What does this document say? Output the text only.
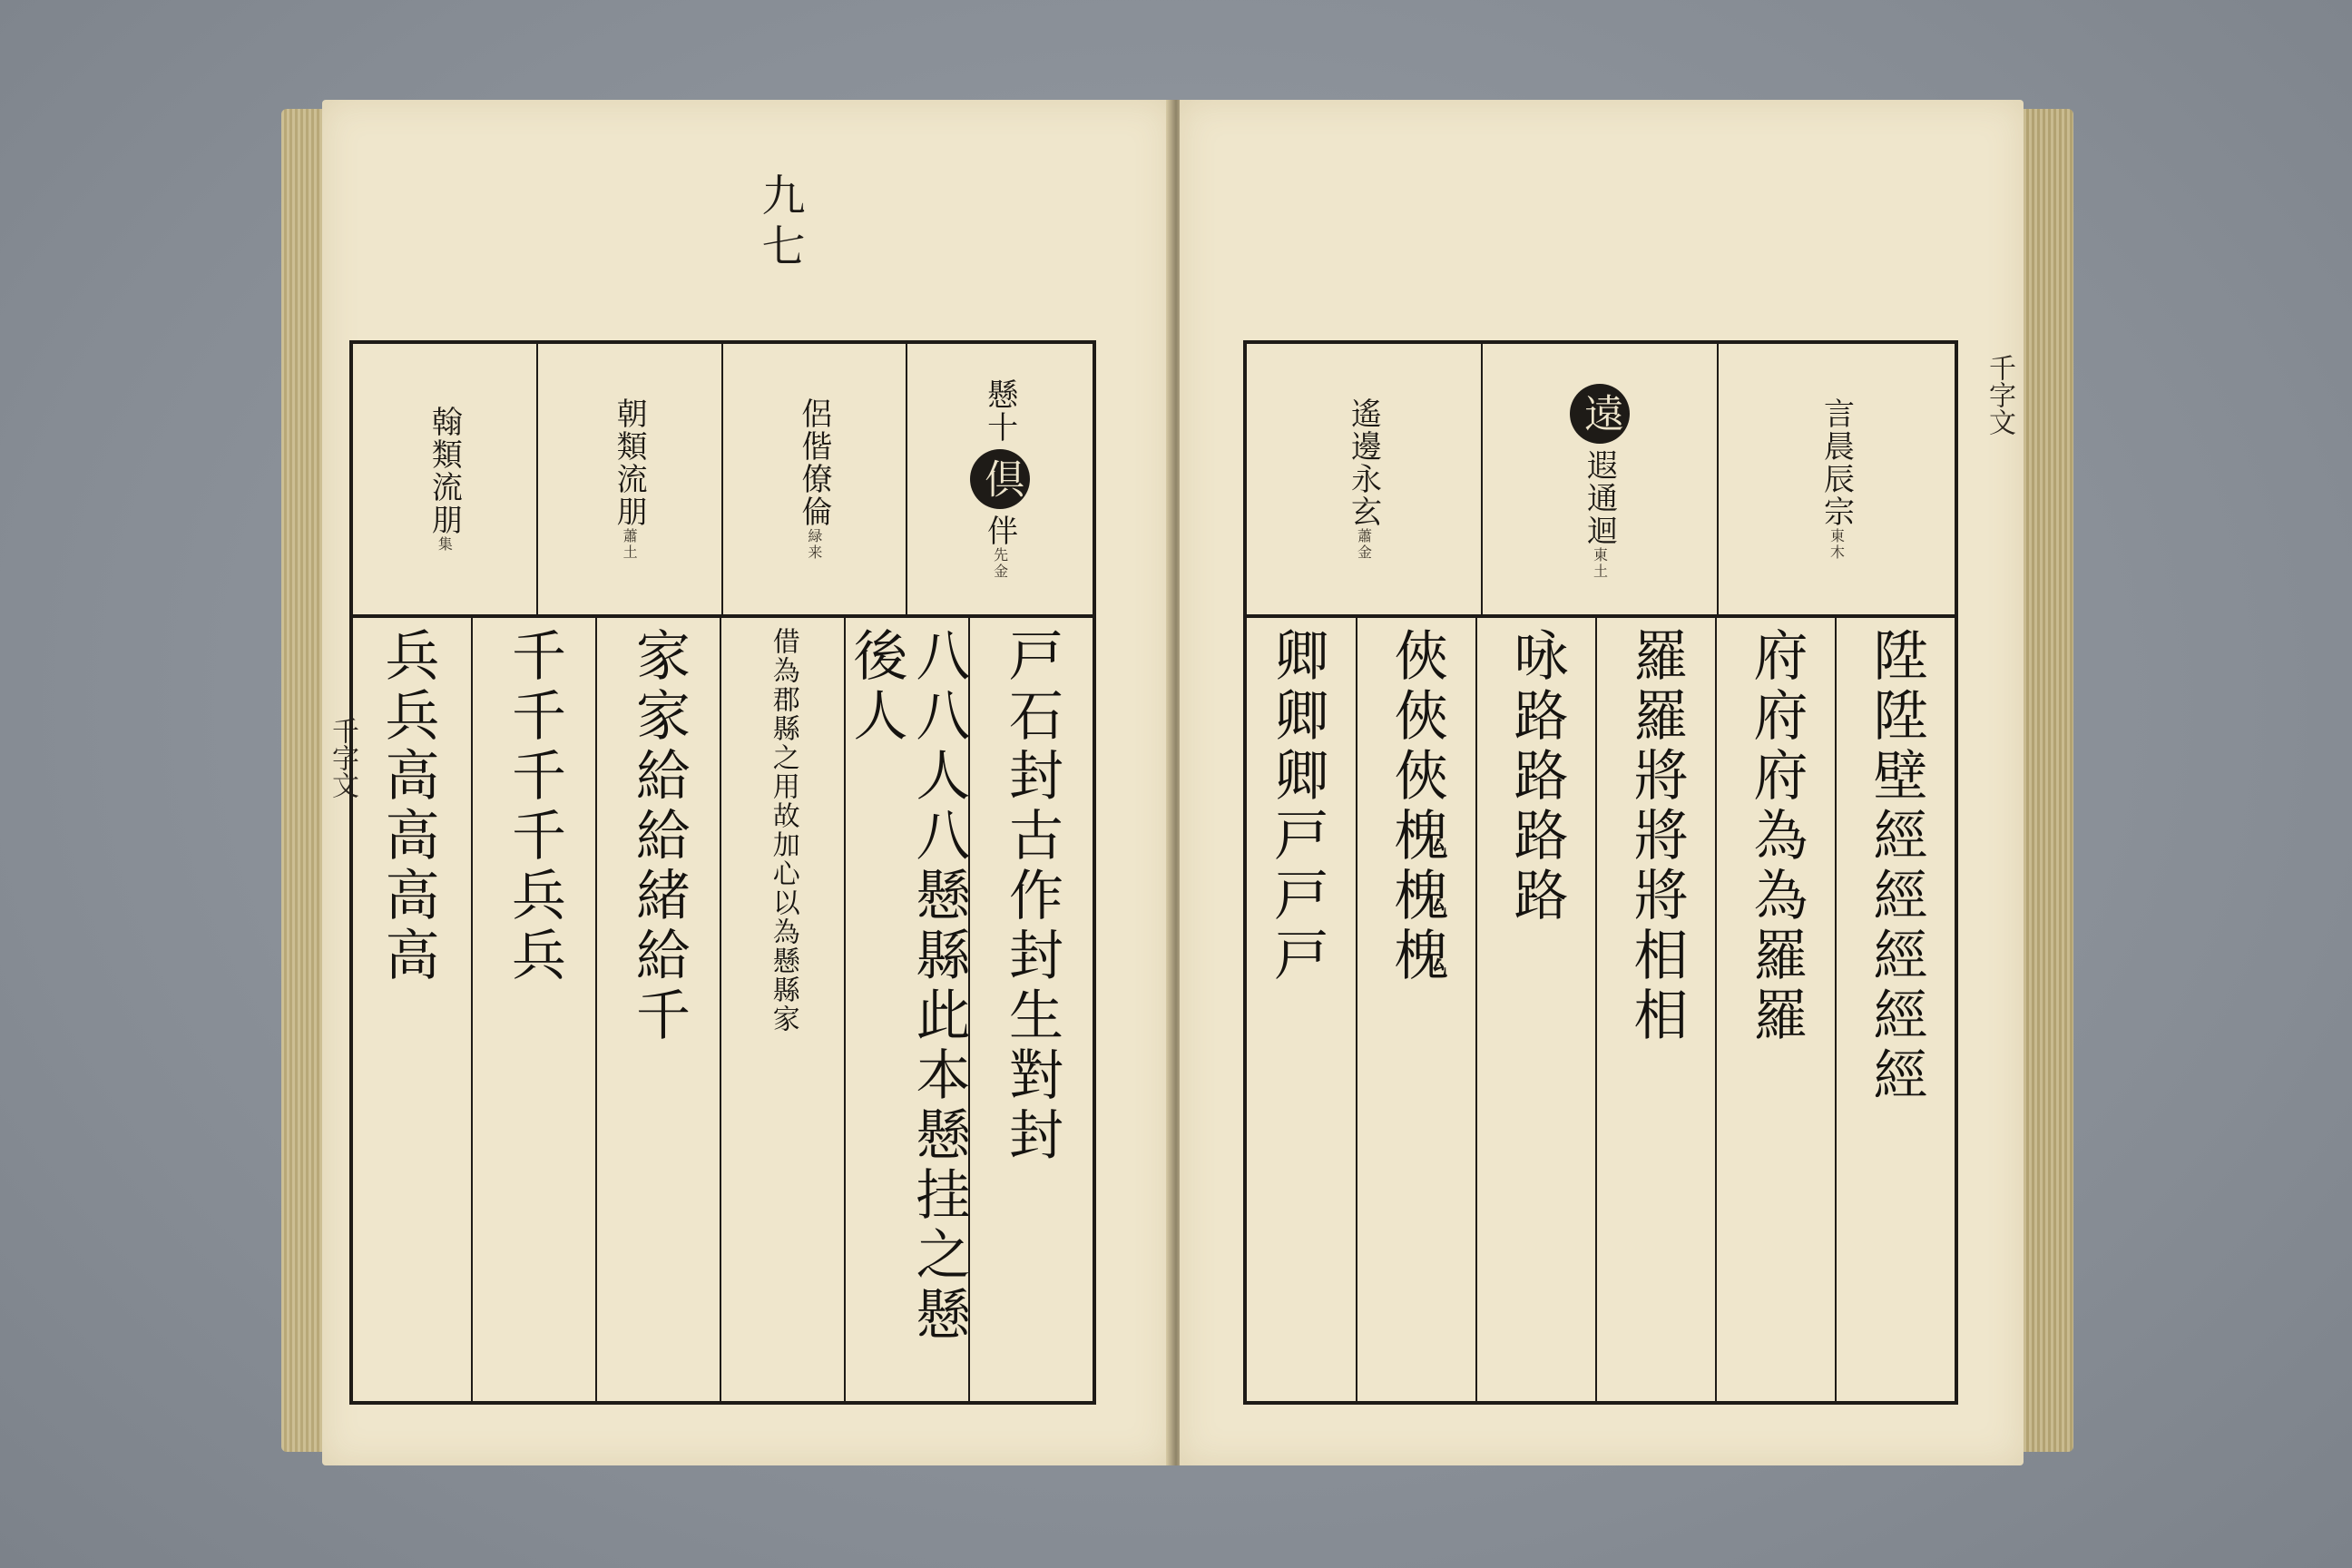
九七
千字文
翰
類
流
朋
集
朝
類
流
朋
蕭土
侶
偕
僚
倫
緑来
懸
十
倶
伴
先金
戸石封古作封生對封
八八人八懸縣此本懸挂之懸後人
借為郡縣之用故加心以為懸縣家
家家給給緒給千
千千千千兵兵
兵兵高高高高
千字文
遙
邊
永
玄
蕭金
遠
遐
通
迴
東土
言
晨
辰
宗
東木
陞陞壁經經經經經
府府府為為羅羅
羅羅將將將相相
咏路路路路
俠俠俠槐槐槐
卿卿卿戸戸戸
